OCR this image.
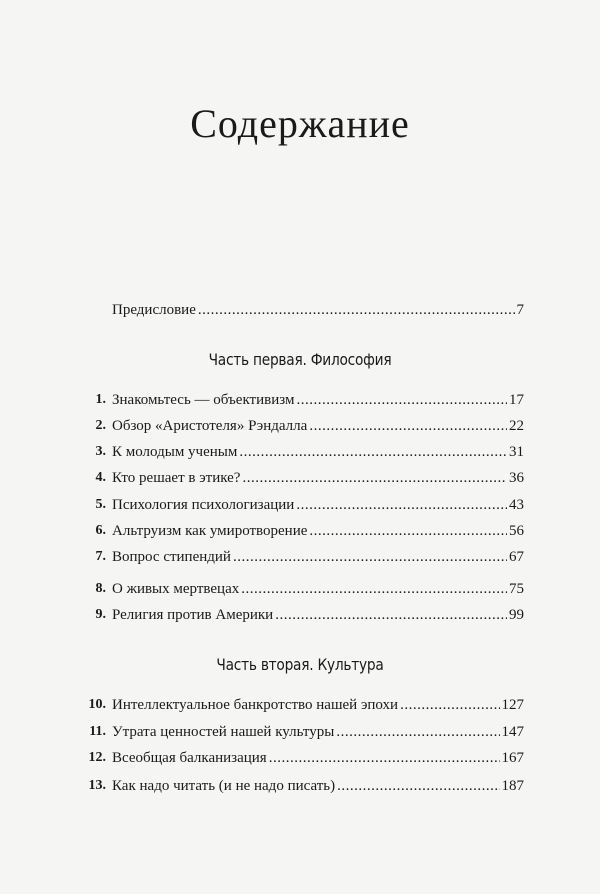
Содержание
Предисловие .....	7
Часть первая. Философия
1. Знакомьтесь — объективизм .....	17
2. Обзор «Аристотеля» Рэндалла .....	22
3. К молодым ученым .....	31
4. Кто решает в этике? .....	36
5. Психология психологизации .....	43
6. Альтруизм как умиротворение .....	56
7. Вопрос стипендий .....	67
8. О живых мертвецах .....	75
9. Религия против Америки .....	99
Часть вторая. Культура
10. Интеллектуальное банкротство нашей эпохи .....	127
11. Утрата ценностей нашей культуры .....	147
12. Всеобщая балканизация .....	167
13. Как надо читать (и не надо писать) .....	187
